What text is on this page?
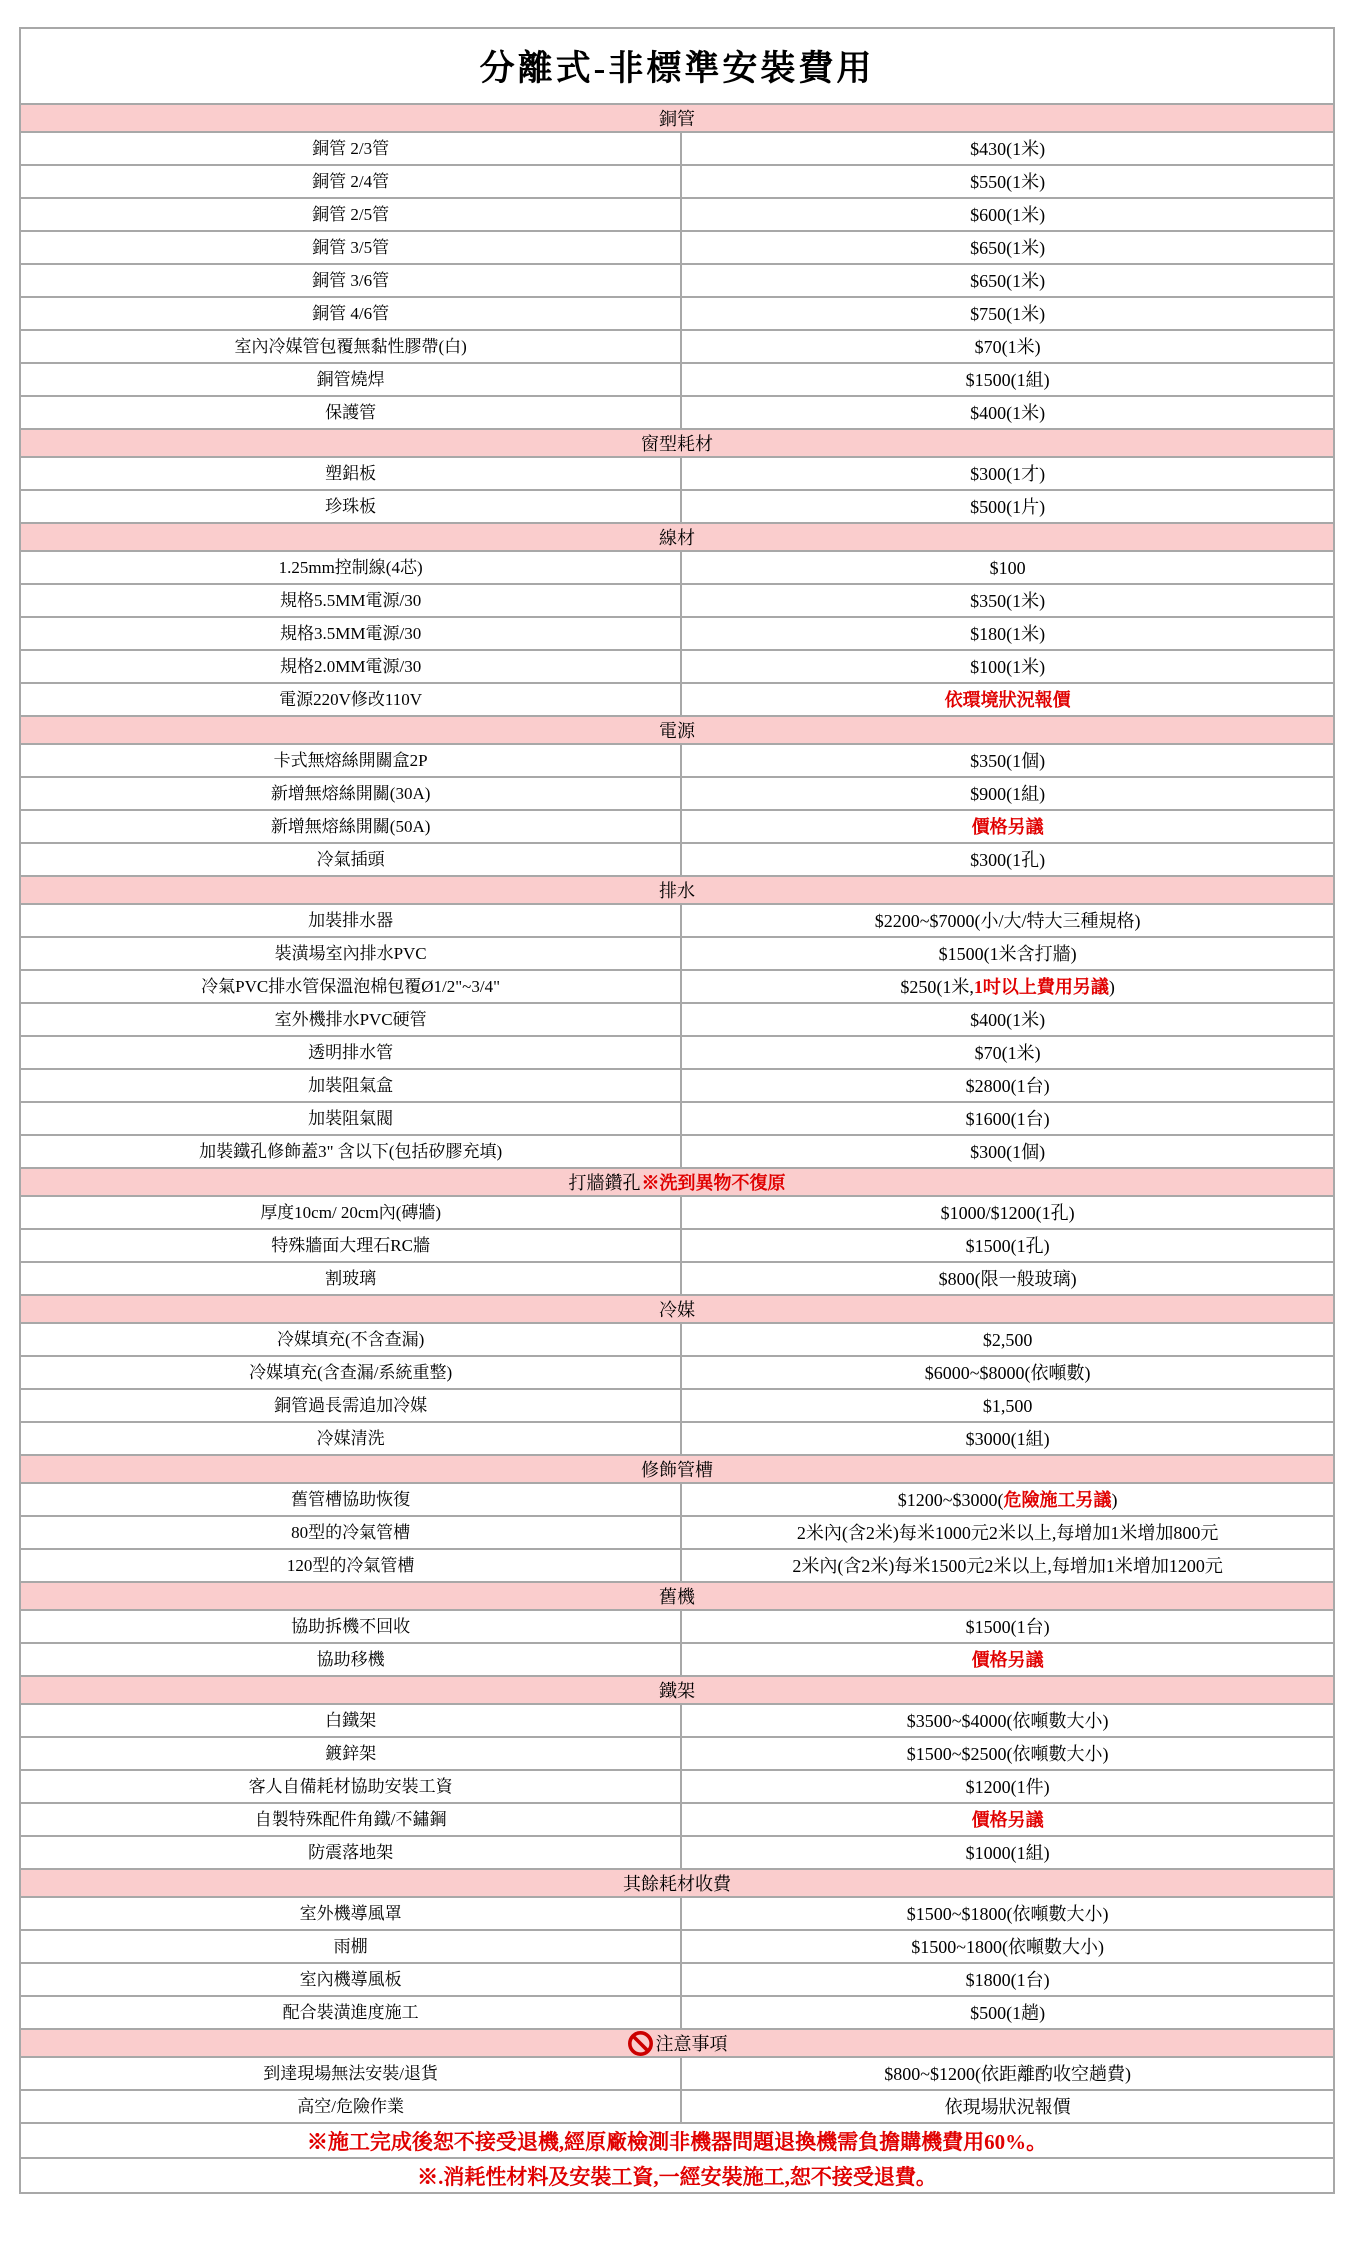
分離式-非標準安裝費用
銅管
銅管 2/3管	$430(1米)
銅管 2/4管	$550(1米)
銅管 2/5管	$600(1米)
銅管 3/5管	$650(1米)
銅管 3/6管	$650(1米)
銅管 4/6管	$750(1米)
室內冷媒管包覆無黏性膠帶(白)	$70(1米)
銅管燒焊	$1500(1組)
保護管	$400(1米)
窗型耗材
塑鋁板	$300(1才)
珍珠板	$500(1片)
線材
1.25mm控制線(4芯)	$100
規格5.5MM電源/30	$350(1米)
規格3.5MM電源/30	$180(1米)
規格2.0MM電源/30	$100(1米)
電源220V修改110V	依環境狀況報價
電源
卡式無熔絲開關盒2P	$350(1個)
新增無熔絲開關(30A)	$900(1組)
新增無熔絲開關(50A)	價格另議
冷氣插頭	$300(1孔)
排水
加裝排水器	$2200~$7000(小/大/特大三種規格)
裝潢場室內排水PVC	$1500(1米含打牆)
冷氣PVC排水管保溫泡棉包覆Ø1/2"~3/4"	$250(1米, 1吋以上費用另議 )
室外機排水PVC硬管	$400(1米)
透明排水管	$70(1米)
加裝阻氣盒	$2800(1台)
加裝阻氣閥	$1600(1台)
加裝鐵孔修飾蓋3" 含以下(包括矽膠充填)	$300(1個)
打牆鑽孔 ※洗到異物不復原
厚度10cm/ 20cm內(磚牆)	$1000/$1200(1孔)
特殊牆面大理石RC牆	$1500(1孔)
割玻璃	$800(限一般玻璃)
冷媒
冷媒填充(不含查漏)	$2,500
冷媒填充(含查漏/系統重整)	$6000~$8000(依噸數)
銅管過長需追加冷媒	$1,500
冷媒清洗	$3000(1組)
修飾管槽
舊管槽協助恢復	$1200~$3000( 危險施工另議 )
80型的冷氣管槽	2米內(含2米)每米1000元2米以上,每增加1米增加800元
120型的冷氣管槽	2米內(含2米)每米1500元2米以上,每增加1米增加1200元
舊機
協助拆機不回收	$1500(1台)
協助移機	價格另議
鐵架
白鐵架	$3500~$4000(依噸數大小)
鍍鋅架	$1500~$2500(依噸數大小)
客人自備耗材協助安裝工資	$1200(1件)
自製特殊配件角鐵/不鏽鋼	價格另議
防震落地架	$1000(1組)
其餘耗材收費
室外機導風罩	$1500~$1800(依噸數大小)
雨棚	$1500~1800(依噸數大小)
室內機導風板	$1800(1台)
配合裝潢進度施工	$500(1趟)
注意事項
到達現場無法安裝/退貨	$800~$1200(依距離酌收空趟費)
高空/危險作業	依現場狀況報價
※施工完成後恕不接受退機,經原廠檢測非機器問題退換機需負擔購機費用60%。
※.消耗性材料及安裝工資,一經安裝施工,恕不接受退費。
